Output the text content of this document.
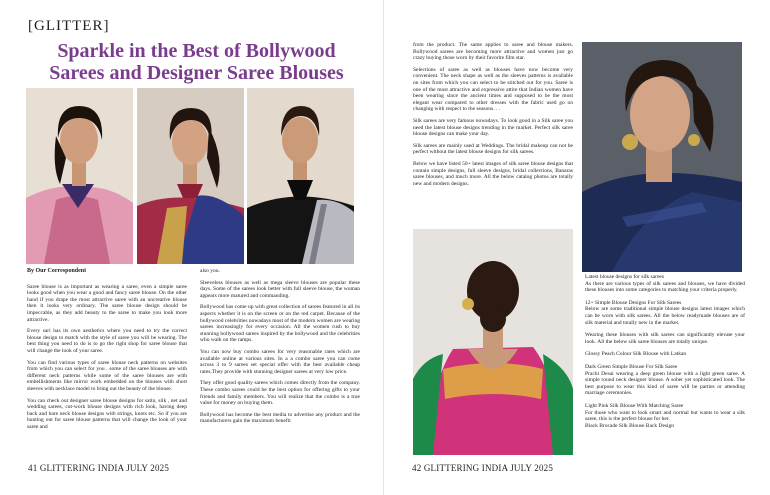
[GLITTER]
Sparkle in the Best of Bollywood
Sarees and Designer Saree Blouses
By Our Correspondent

Saree blouse is as important as wearing a saree, even a simple saree looks good when you wear a good and fancy saree blouse. On the other hand if you drape the most attractive saree with an uncreative blouse then it looks very ordinary. The saree blouse design should be impeccable, as they add beauty to the saree to make you look more attractive.

Every sari has its own aesthetics where you need to try the correct blouse design to match with the style of saree you will be wearing. The best thing you need to do is to go the right shop for saree blouse that will change the look of your saree.

You can find various types of saree blouse neck patterns on websites from which you can select for you . some of the saree blouses are with different neck patterns while some of the saree blouses are with embellishments like mirror work embedded on the blouses with short sleeves with necklace model to bring out the beauty of the blouse.

You can check out designer saree blouse designs for satin, silk , net and wedding sarees, cut-work blouse designs with rich look, having deep back and bare neck blouse designs with strings, knots etc. So if you are hunting out for saree blouse patterns that will change the look of your saree and

also you.

Sleeveless blouses as well as mega sleeve blouses are popular these days. Some of the sarees look better with full sleeve blouse, the woman appears more matured and commanding.

Bollywood has come up with great collection of sarees featured in all its aspects whether it is on the screen or on the red carpet. Because of the bollywood celebrities nowadays most of the modern women are wearing sarees increasingly for every occasion. All the women rush to buy stunning bollywood sarees inspired by the bollywood and the celebrities who walk on the ramps.

You can now buy combo sarees for very reasonable rates which are available online at various sites. In a a combo saree you can come across 3 to 9 sarees set special offer with the best available cheap rates.They provide with stunning designer sarees at very low price.

They offer good quality sarees which comes directly from the company. These combo sarees could be the best option for offering gifts to your friends and family members. You will realize that the combo is a true value for money on buying them.

Bollywood has become the best media to advertise any product and the manufacturers gain the maximum benefit

41 GLITTERING INDIA JULY 2025

from the product. The same applies to saree and blouse makers. Bollywood sarees are becoming more attractive and women just go crazy buying those worn by their favorite film star.

Selections of saree as well as blouses have now become very convenient. The neck shape as well as the sleeves patterns is available on sites from which you can select to be stitched out for you. Saree is one of the most attractive and expressive attire that Indian women have been wearing since the ancient times and supposed to be the most elegant wear compared to other dresses with the fabric used go on changing with respect to the seasons. . .

Silk sarees are very famous nowadays. To look good in a Silk saree you need the latest blouse designs trending in the market. Perfect silk saree blouse designs can make your day.

Silk sarees are mainly used at Weddings. The bridal makeup can not be perfect without the latest blouse designs for silk sarees.

Below we have listed 50+ latest images of silk saree blouse designs that contain simple designs, full sleeve designs, bridal collections, Banaras saree blouses, and much more. All the below catalog photos are totally new and modern designs.

Latest blouse designs for silk sarees
As there are various types of silk sarees and blouses, we have divided these blouses into some categories to matching your criteria properly.

12+ Simple Blouse Designs For Silk Sarees
Below are some traditional simple blouse designs latest images which can be worn with silk sarees. All the below readymade blouses are of silk material and totally new in the market.

Wearing these blouses with silk sarees can significantly elevate your look. All the below silk saree blouses are totally unique.

Glossy Peach Colour Silk Blouse with Latkan

Dark Green Simple Blouse For Silk Saree
Prachi Desai wearing a deep green blouse with a light green saree. A simple round neck designer blouse. A sober yet sophisticated look. The best purpose to wear this kind of saree will be parties or attending marriage ceremonies.

Light Pink Silk Blouse With Matching Saree
For those who want to look smart and normal but wants to wear a silk saree, this is the perfect blouse for her.
Black Brocade Silk Blouse Back Design

42 GLITTERING INDIA JULY 2025
